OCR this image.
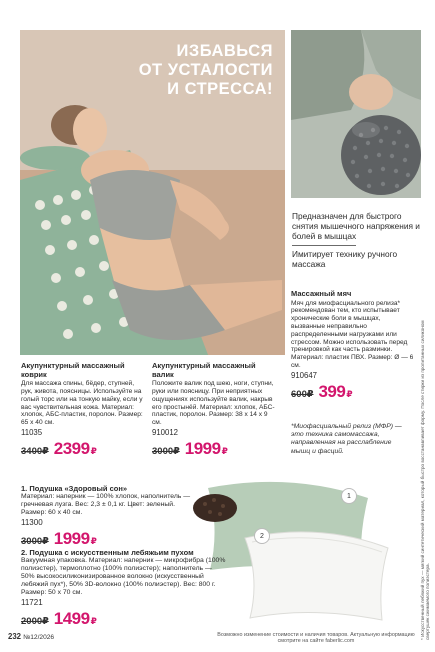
ИЗБАВЬСЯ
ОТ УСТАЛОСТИ
И СТРЕССА!

Предназначен для быстрого снятия мышечного напряжения и болей в мышцах

Имитирует технику ручного массажа

Акупунктурный массажный коврик
Для массажа спины, бёдер, ступней, рук, живота, поясницы. Используйте на голый торс или на тонкую майку, если у вас чувствительная кожа. Материал: хлопок, АБС-пластик, поролон. Размер: 65 x 40 см.
11035
3400₽ 2399₽
Акупунктурный массажный валик
Положите валик под шею, ноги, ступни, руки или поясницу. При неприятных ощущениях используйте валик, накрыв его простынёй. Материал: хлопок, АБС-пластик, поролон. Размер: 38 x 14 x 9 см.
910012
3000₽ 1999₽
Массажный мяч
Мяч для миофасциального релиза* рекомендован тем, кто испытывает хронические боли в мышцах, вызванные неправильно распределенными нагрузками или стрессом. Можно использовать перед тренировкой как часть разминки. Материал: пластик ПВХ. Размер: Ø — 6 см.
910647
600₽ 399₽
*Миофасциальный релиз (МФР) — это техника самомассажа, направленная на расслабление мышц и фасций.	* Искусственный лебяжий пух — мягкий синтетический материал, который быстро восстанавливает форму. После стирки из пропитанных силиконом свертушек сжимаемого полиэстера.
1
2
1. Подушка «Здоровый сон»
Материал: наперник — 100% хлопок, наполнитель — гречневая лузга. Вес: 2,3 ± 0,1 кг. Цвет: зеленый. Размер: 60 x 40 см.
11300
3000₽ 1999₽
2. Подушка с искусственным лебяжьим пухом
Вакуумная упаковка. Материал: наперник — микрофибра (100% полиэстер), термоплотно (100% полиэстер); наполнитель — 50% высокосиликонизированное волокно (искусственный лебяжий пух*), 50% 3D-волокно (100% полиэстер). Вес: 800 г. Размер: 50 x 70 см.
11721
2000₽ 1499₽
232 №12/2026	Возможно изменение стоимости и наличия товаров. Актуальную информацию смотрите на сайте faberlic.com
